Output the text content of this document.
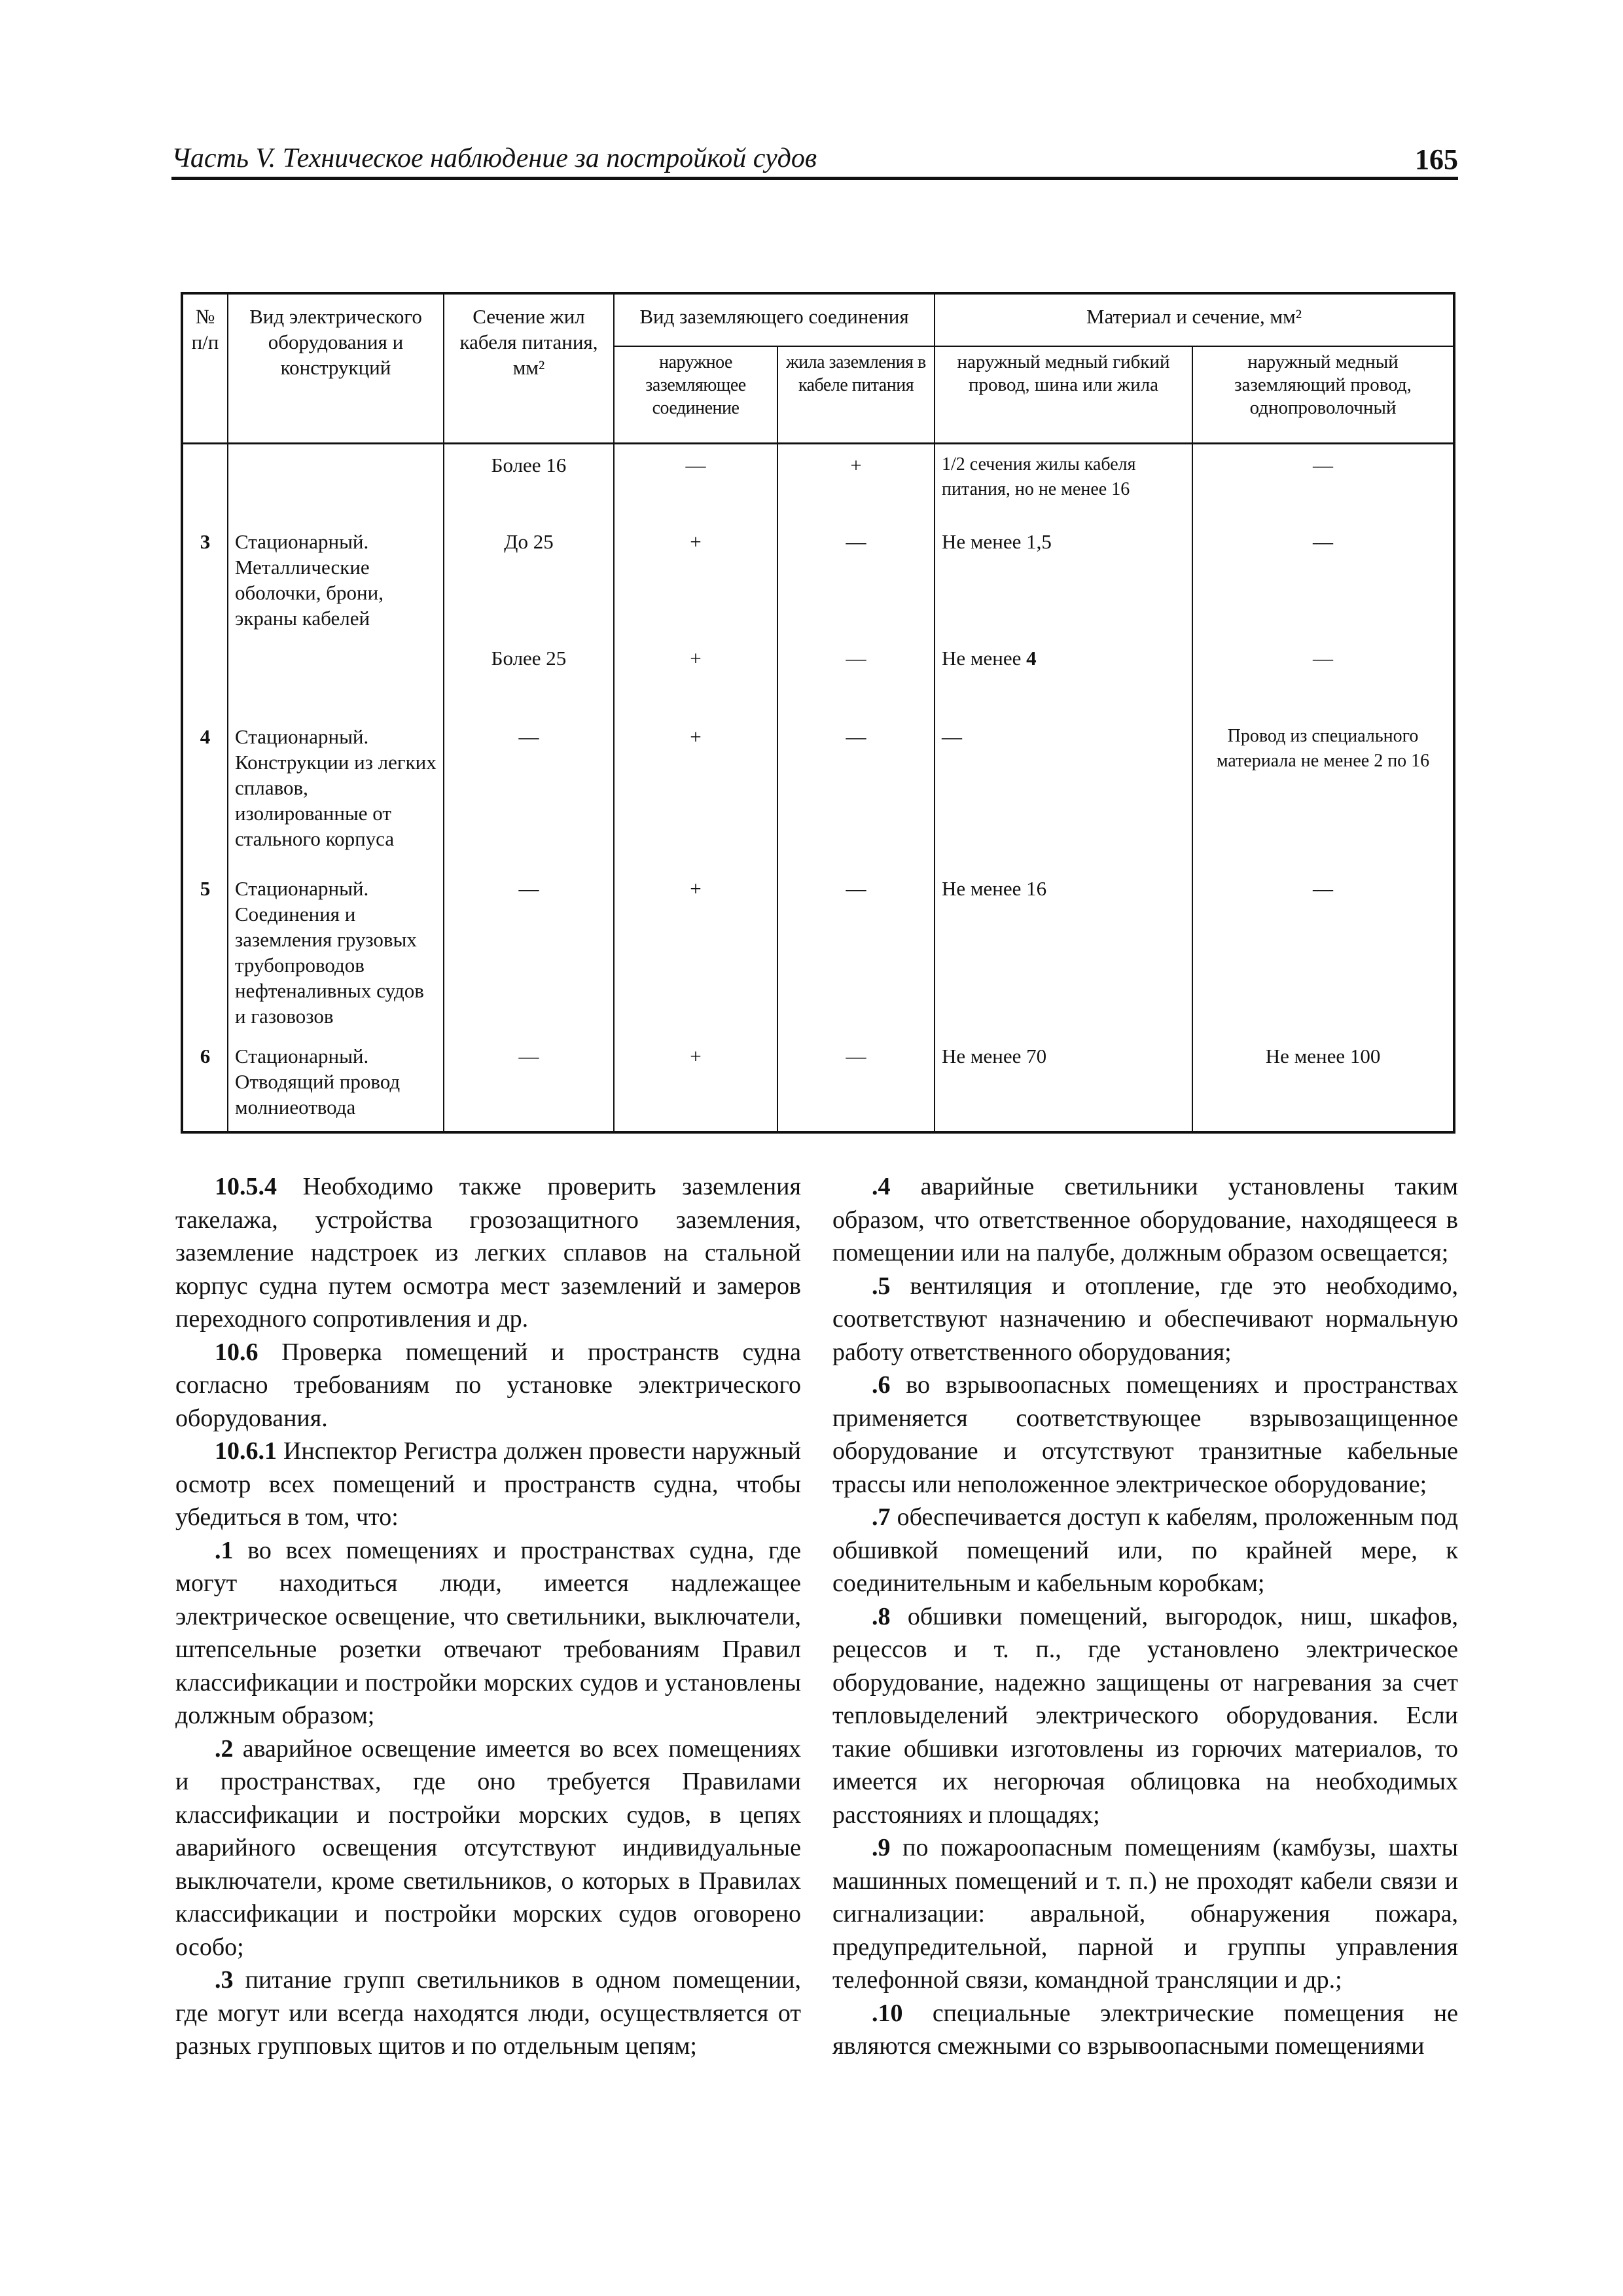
Часть V. Техническое наблюдение за постройкой судов	165
№ п/п	Вид электрического оборудования и конструкций	Сечение жил кабеля питания, мм²	Вид заземляющего соединения		Материал и сечение, мм²	
			наружное заземляющее соединение	жила заземления в кабеле питания	наружный медный гибкий провод, шина или жила	наружный медный заземляющий провод, однопроволочный
		Более 16	—	+	1/2 сечения жилы кабеля питания, но не менее 16	—
3	Стационарный. Металлические оболочки, брони, экраны кабелей	До 25	+	—	Не менее 1,5	—
		Более 25	+	—	Не менее 4	—
4	Стационарный. Конструкции из легких сплавов, изолированные от стального корпуса	—	+	—	—	Провод из специального материала не менее 2 по 16
5	Стационарный. Соединения и заземления грузовых трубопроводов нефтеналивных судов и газовозов	—	+	—	Не менее 16	—
6	Стационарный. Отводящий провод молниеотвода	—	+	—	Не менее 70	Не менее 100

10.5.4 Необходимо также проверить заземления такелажа, устройства грозозащитного заземления, заземление надстроек из легких сплавов на стальной корпус судна путем осмотра мест заземлений и замеров переходного сопротивления и др.

10.6 Проверка помещений и пространств судна согласно требованиям по установке электрического оборудования.

10.6.1 Инспектор Регистра должен провести наружный осмотр всех помещений и пространств судна, чтобы убедиться в том, что:

.1 во всех помещениях и пространствах судна, где могут находиться люди, имеется надлежащее электрическое освещение, что светильники, выключатели, штепсельные розетки отвечают требованиям Правил классификации и постройки морских судов и установлены должным образом;

.2 аварийное освещение имеется во всех помещениях и пространствах, где оно требуется Правилами классификации и постройки морских судов, в цепях аварийного освещения отсутствуют индивидуальные выключатели, кроме светильников, о которых в Правилах классификации и постройки морских судов оговорено особо;

.3 питание групп светильников в одном помещении, где могут или всегда находятся люди, осуществляется от разных групповых щитов и по отдельным цепям;

.4 аварийные светильники установлены таким образом, что ответственное оборудование, находящееся в помещении или на палубе, должным образом освещается;

.5 вентиляция и отопление, где это необходимо, соответствуют назначению и обеспечивают нормальную работу ответственного оборудования;

.6 во взрывоопасных помещениях и пространствах применяется соответствующее взрывозащищенное оборудование и отсутствуют транзитные кабельные трассы или неположенное электрическое оборудование;

.7 обеспечивается доступ к кабелям, проложенным под обшивкой помещений или, по крайней мере, к соединительным и кабельным коробкам;

.8 обшивки помещений, выгородок, ниш, шкафов, рецессов и т. п., где установлено электрическое оборудование, надежно защищены от нагревания за счет тепловыделений электрического оборудования. Если такие обшивки изготовлены из горючих материалов, то имеется их негорючая облицовка на необходимых расстояниях и площадях;

.9 по пожароопасным помещениям (камбузы, шахты машинных помещений и т. п.) не проходят кабели связи и сигнализации: авральной, обнаружения пожара, предупредительной, парной и группы управления телефонной связи, командной трансляции и др.;

.10 специальные электрические помещения не являются смежными со взрывоопасными помещениями
